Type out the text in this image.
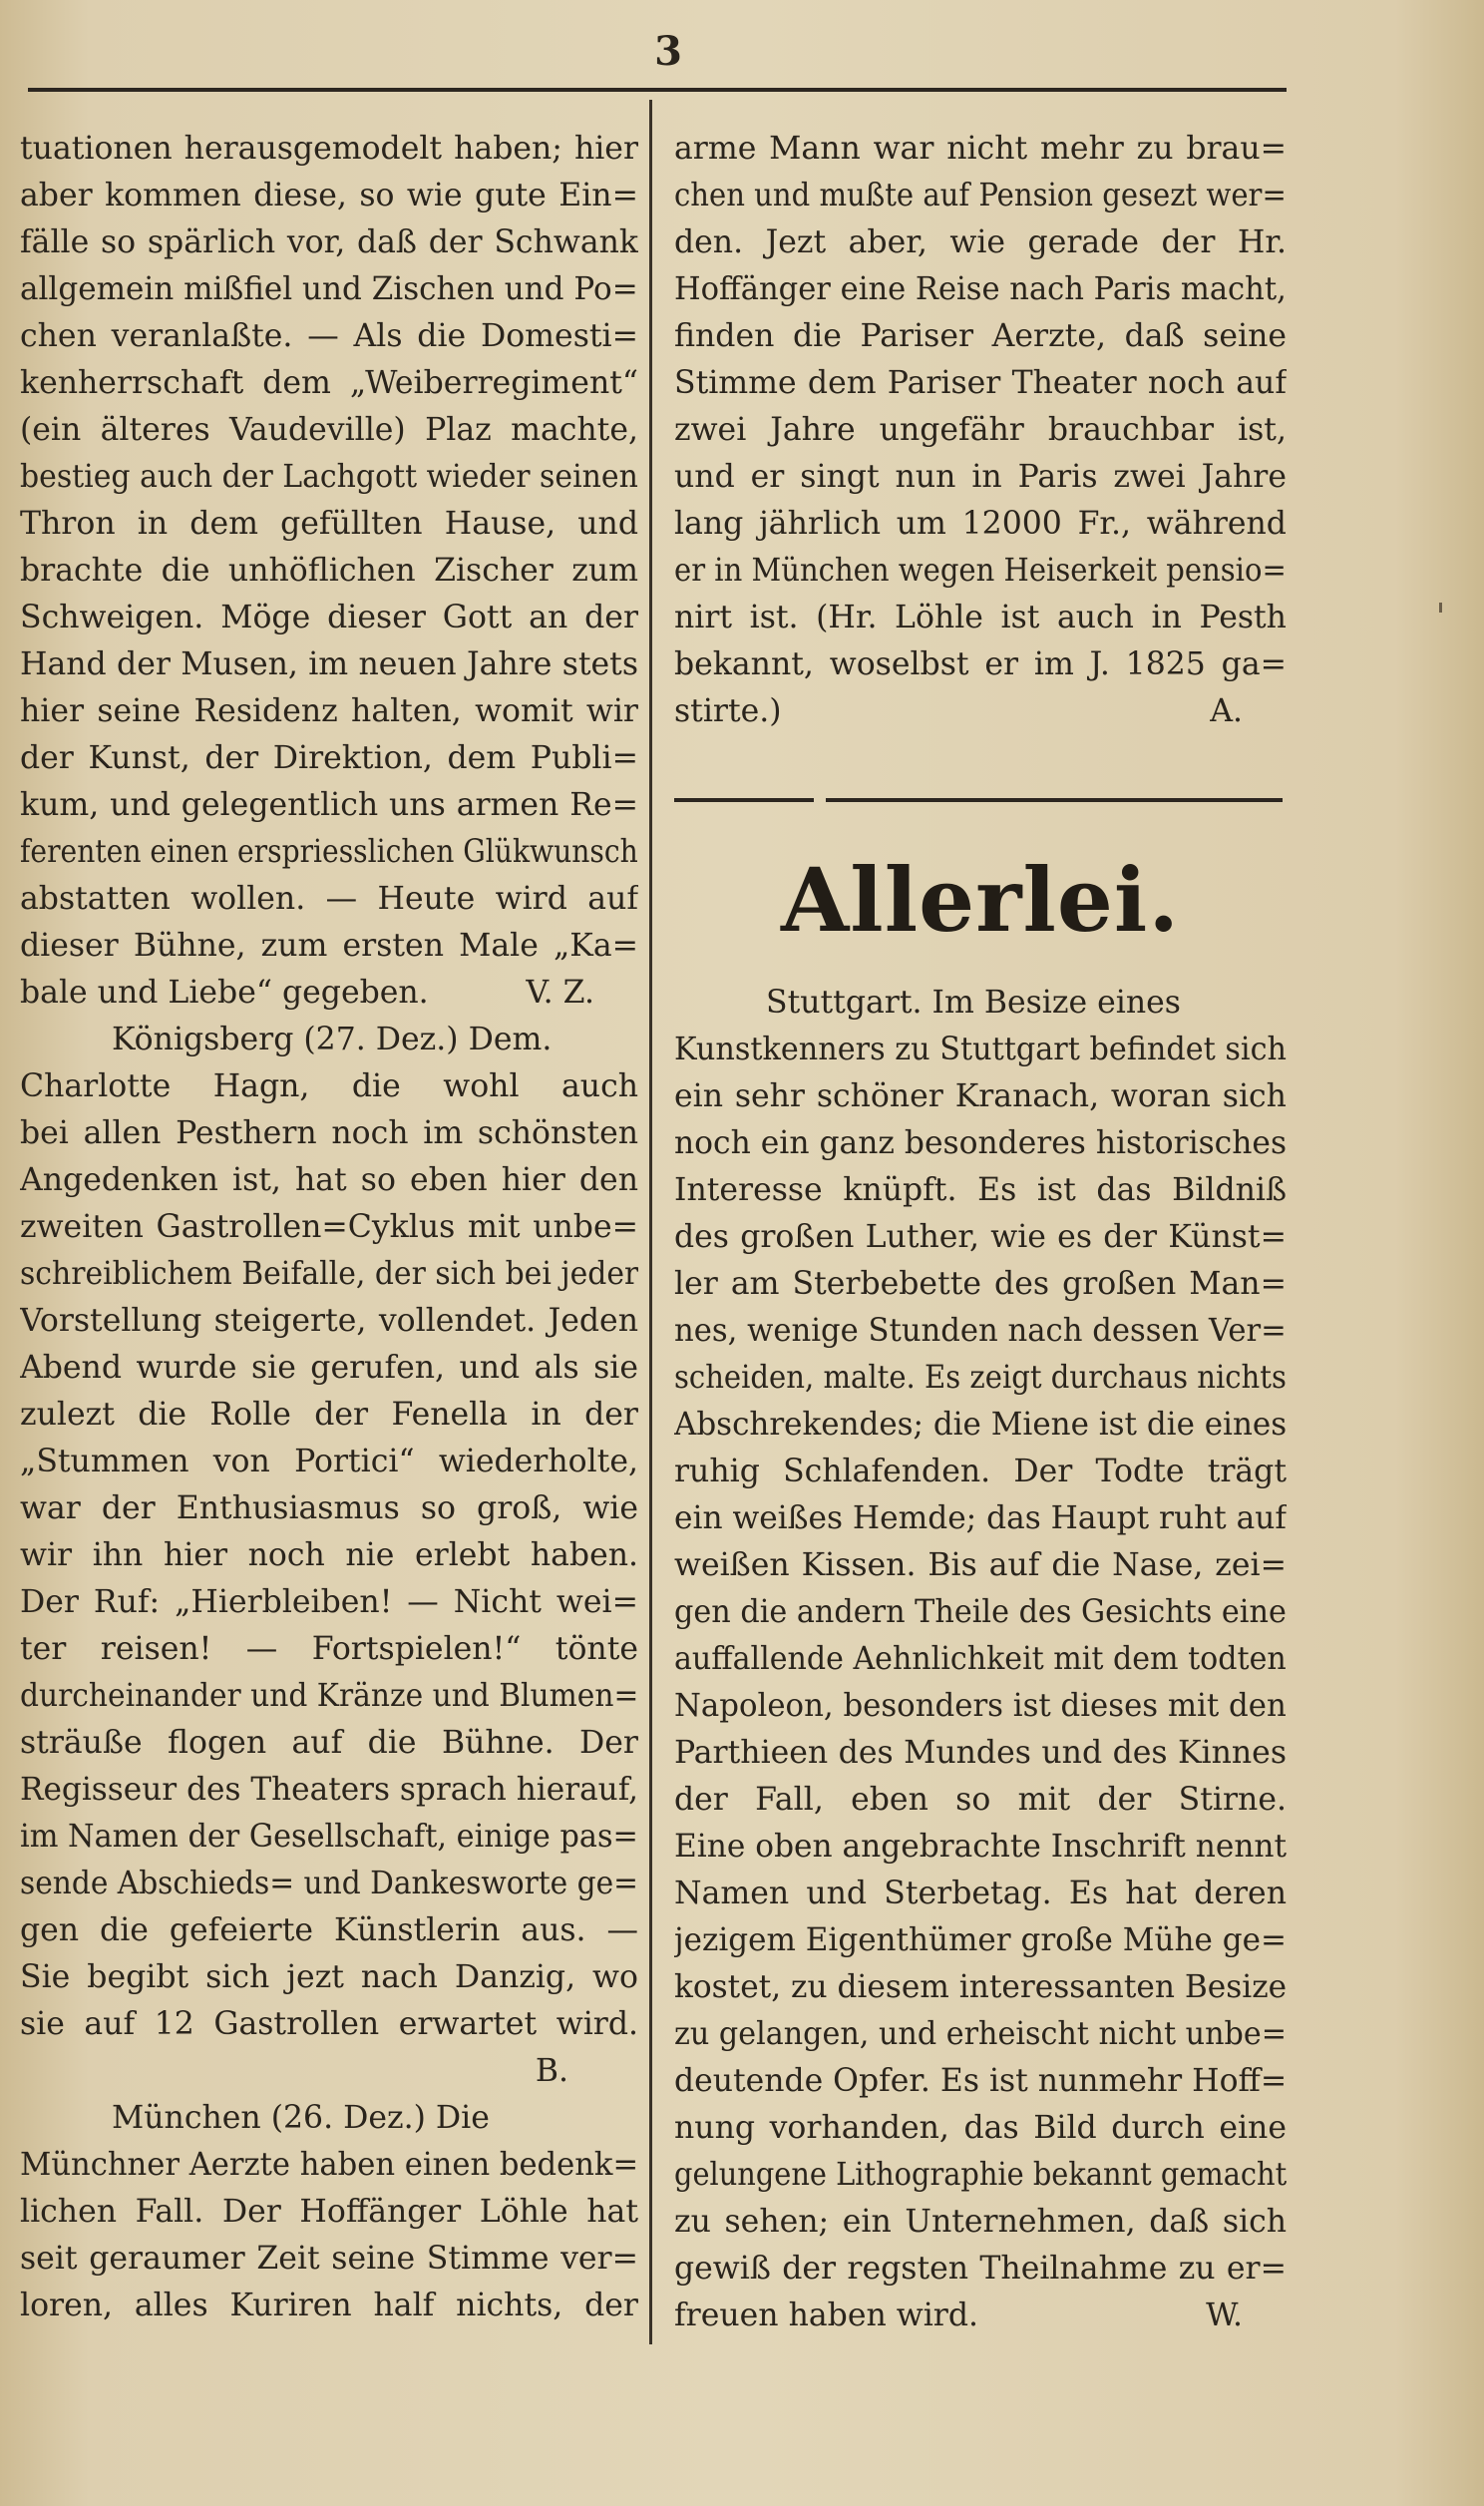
3
tuationen herausgemodelt haben; hier
aber kommen diese, so wie gute Ein=
fälle so spärlich vor, daß der Schwank
allgemein mißfiel und Zischen und Po=
chen veranlaßte. — Als die Domesti=
kenherrschaft dem „Weiberregiment“
(ein älteres Vaudeville) Plaz machte,
bestieg auch der Lachgott wieder seinen
Thron in dem gefüllten Hause, und
brachte die unhöflichen Zischer zum
Schweigen. Möge dieser Gott an der
Hand der Musen, im neuen Jahre stets
hier seine Residenz halten, womit wir
der Kunst, der Direktion, dem Publi=
kum, und gelegentlich uns armen Re=
ferenten einen erspriesslichen Glükwunsch
abstatten wollen. — Heute wird auf
dieser Bühne, zum ersten Male „Ka=
bale und Liebe“ gegeben.	V. Z.
Königsberg (27. Dez.) Dem.
Charlotte Hagn, die wohl auch
bei allen Pesthern noch im schönsten
Angedenken ist, hat so eben hier den
zweiten Gastrollen=Cyklus mit unbe=
schreiblichem Beifalle, der sich bei jeder
Vorstellung steigerte, vollendet. Jeden
Abend wurde sie gerufen, und als sie
zulezt die Rolle der Fenella in der
„Stummen von Portici“ wiederholte,
war der Enthusiasmus so groß, wie
wir ihn hier noch nie erlebt haben.
Der Ruf: „Hierbleiben! — Nicht wei=
ter reisen! — Fortspielen!“ tönte
durcheinander und Kränze und Blumen=
sträuße flogen auf die Bühne. Der
Regisseur des Theaters sprach hierauf,
im Namen der Gesellschaft, einige pas=
sende Abschieds= und Dankesworte ge=
gen die gefeierte Künstlerin aus. —
Sie begibt sich jezt nach Danzig, wo
sie auf 12 Gastrollen erwartet wird.
B.
München (26. Dez.) Die
Münchner Aerzte haben einen bedenk=
lichen Fall. Der Hoffänger Löhle hat
seit geraumer Zeit seine Stimme ver=
loren, alles Kuriren half nichts, der
arme Mann war nicht mehr zu brau=
chen und mußte auf Pension gesezt wer=
den. Jezt aber, wie gerade der Hr.
Hoffänger eine Reise nach Paris macht,
finden die Pariser Aerzte, daß seine
Stimme dem Pariser Theater noch auf
zwei Jahre ungefähr brauchbar ist,
und er singt nun in Paris zwei Jahre
lang jährlich um 12000 Fr., während
er in München wegen Heiserkeit pensio=
nirt ist. (Hr. Löhle ist auch in Pesth
bekannt, woselbst er im J. 1825 ga=
stirte.)	A.
Allerlei.
Stuttgart. Im Besize eines
Kunstkenners zu Stuttgart befindet sich
ein sehr schöner Kranach, woran sich
noch ein ganz besonderes historisches
Interesse knüpft. Es ist das Bildniß
des großen Luther, wie es der Künst=
ler am Sterbebette des großen Man=
nes, wenige Stunden nach dessen Ver=
scheiden, malte. Es zeigt durchaus nichts
Abschrekendes; die Miene ist die eines
ruhig Schlafenden. Der Todte trägt
ein weißes Hemde; das Haupt ruht auf
weißen Kissen. Bis auf die Nase, zei=
gen die andern Theile des Gesichts eine
auffallende Aehnlichkeit mit dem todten
Napoleon, besonders ist dieses mit den
Parthieen des Mundes und des Kinnes
der Fall, eben so mit der Stirne.
Eine oben angebrachte Inschrift nennt
Namen und Sterbetag. Es hat deren
jezigem Eigenthümer große Mühe ge=
kostet, zu diesem interessanten Besize
zu gelangen, und erheischt nicht unbe=
deutende Opfer. Es ist nunmehr Hoff=
nung vorhanden, das Bild durch eine
gelungene Lithographie bekannt gemacht
zu sehen; ein Unternehmen, daß sich
gewiß der regsten Theilnahme zu er=
freuen haben wird.	W.
